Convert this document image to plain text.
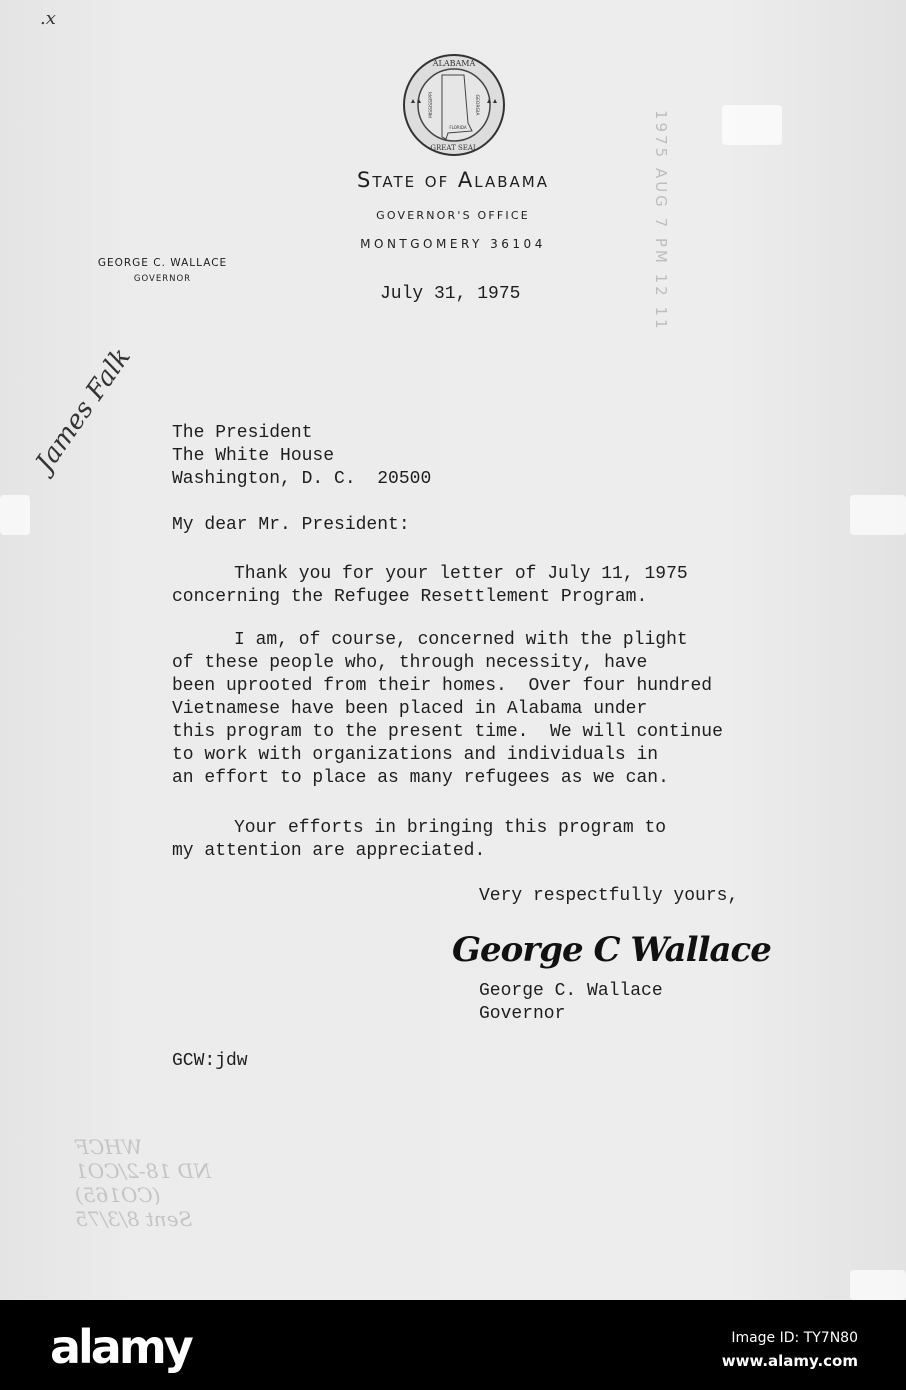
.x
ALABAMA
GREAT SEAL
MISSISSIPPI	GEORGIA
FLORIDA
State of Alabama
GOVERNOR'S OFFICE
MONTGOMERY 36104
GEORGE C. WALLACE
GOVERNOR	1975 AUG 7 PM 12 11
July 31, 1975
James Falk The President
The White House
Washington, D. C.  20500
My dear Mr. President:
Thank you for your letter of July 11, 1975
concerning the Refugee Resettlement Program.
I am, of course, concerned with the plight
of these people who, through necessity, have
been uprooted from their homes.  Over four hundred
Vietnamese have been placed in Alabama under
this program to the present time.  We will continue
to work with organizations and individuals in
an effort to place as many refugees as we can.
Your efforts in bringing this program to
my attention are appreciated.
Very respectfully yours,
George C Wallace
George C. Wallace
Governor
GCW:jdw
WHCF
ND 18-2/CO1
(CO165)
Sent 8/3/75
alamy	Image ID: TY7N80
www.alamy.com
